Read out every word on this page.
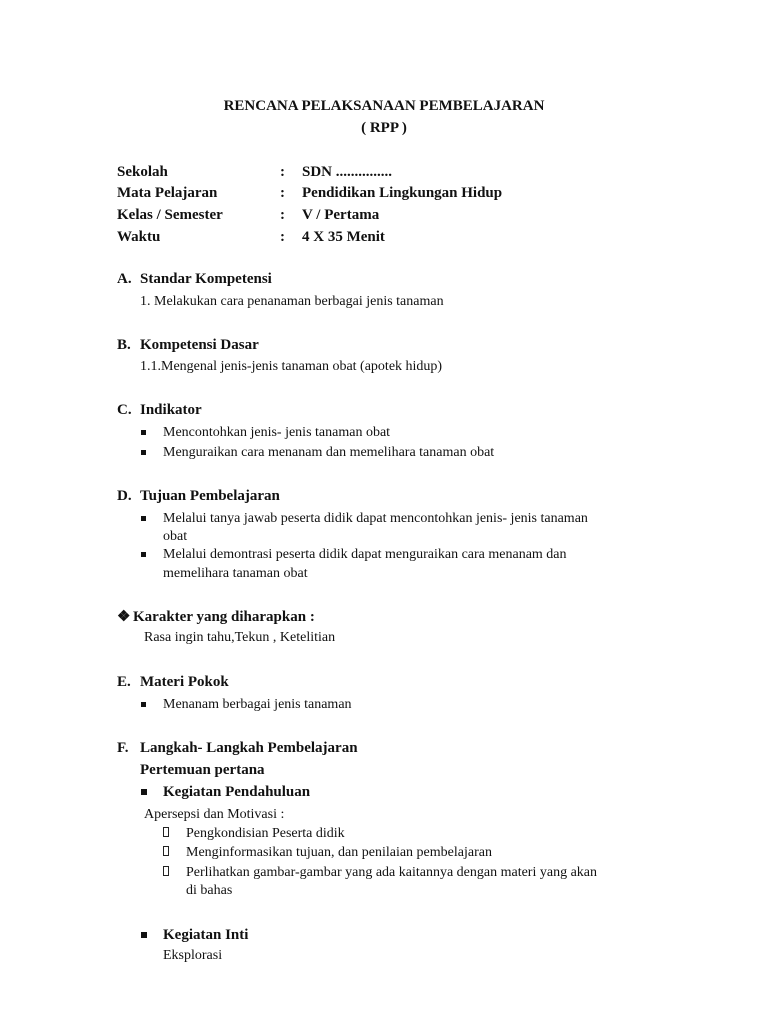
RENCANA PELAKSANAAN PEMBELAJARAN
( RPP )
Sekolah	: SDN ...............
Mata Pelajaran	: Pendidikan Lingkungan Hidup
Kelas / Semester	: V / Pertama
Waktu	: 4 X 35 Menit
A. Standar Kompetensi
1. Melakukan cara penanaman berbagai jenis tanaman
B. Kompetensi Dasar
1.1.Mengenal jenis-jenis tanaman obat (apotek hidup)
C. Indikator
Mencontohkan jenis- jenis tanaman obat
Menguraikan cara menanam dan memelihara tanaman obat
D. Tujuan Pembelajaran
Melalui tanya jawab peserta didik dapat mencontohkan jenis- jenis tanaman
obat
Melalui demontrasi peserta didik dapat menguraikan cara menanam dan
memelihara tanaman obat
❖ Karakter yang diharapkan :
Rasa ingin tahu,Tekun , Ketelitian
E. Materi Pokok
Menanam berbagai jenis tanaman
F. Langkah- Langkah Pembelajaran
Pertemuan pertana
Kegiatan Pendahuluan
Apersepsi dan Motivasi :
Pengkondisian Peserta didik
Menginformasikan tujuan, dan penilaian pembelajaran
Perlihatkan gambar-gambar yang ada kaitannya dengan materi yang akan
di bahas
Kegiatan Inti
Eksplorasi
